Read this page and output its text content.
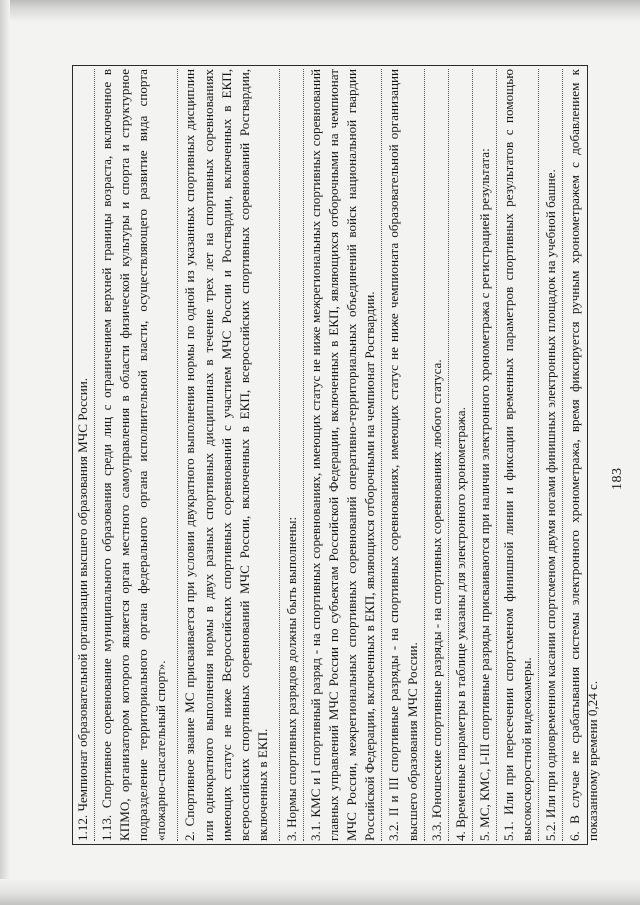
1.12. Чемпионат образовательной организации высшего образования МЧС России. 1.13. Спортивное соревнование муниципального образования среди лиц с ограничением верхней границы возраста, включенное в КПМО, организатором которого является орган местного самоуправления в области физической культуры и спорта и структурное подразделение территориального органа федерального органа исполнительной власти, осуществляющего развитие вида спорта «пожарно-спасательный спорт». 2. Спортивное звание МС присваивается при условии двукратного выполнения нормы по одной из указанных спортивных дисциплин или однократного выполнения нормы в двух разных спортивных дисциплинах в течение трех лет на спортивных соревнованиях имеющих статус не ниже Всероссийских спортивных соревнований с участием МЧС России и Росгвардии, включенных в ЕКП, всероссийских спортивных соревнований МЧС России, включенных в ЕКП, всероссийских спортивных соревнований Росгвардии, включенных в ЕКП. 3. Нормы спортивных разрядов должны быть выполнены: 3.1. КМС и I спортивный разряд - на спортивных соревнованиях, имеющих статус не ниже межрегиональных спортивных соревнований главных управлений МЧС России по субъектам Российской Федерации, включенных в ЕКП, являющихся отборочными на чемпионат МЧС России, межрегиональных спортивных соревнований оперативно-территориальных объединений войск национальной гвардии Российской Федерации, включенных в ЕКП, являющихся отборочными на чемпионат Росгвардии. 3.2. II и III спортивные разряды - на спортивных соревнованиях, имеющих статус не ниже чемпионата образовательной организации высшего образования МЧС России. 3.3. Юношеские спортивные разряды - на спортивных соревнованиях любого статуса. 4. Временные параметры в таблице указаны для электронного хронометража. 5. МС, КМС, I-III спортивные разряды присваиваются при наличии электронного хронометража с регистрацией результата: 5.1. Или при пересечении спортсменом финишной линии и фиксации временных параметров спортивных результатов с помощью высокоскоростной видеокамеры. 5.2. Или при одновременном касании спортсменом двумя ногами финишных электронных площадок на учебной башне. 6. В случае не срабатывания системы электронного хронометража, время фиксируется ручным хронометражем с добавлением к показанному времени 0,24 с.

183
